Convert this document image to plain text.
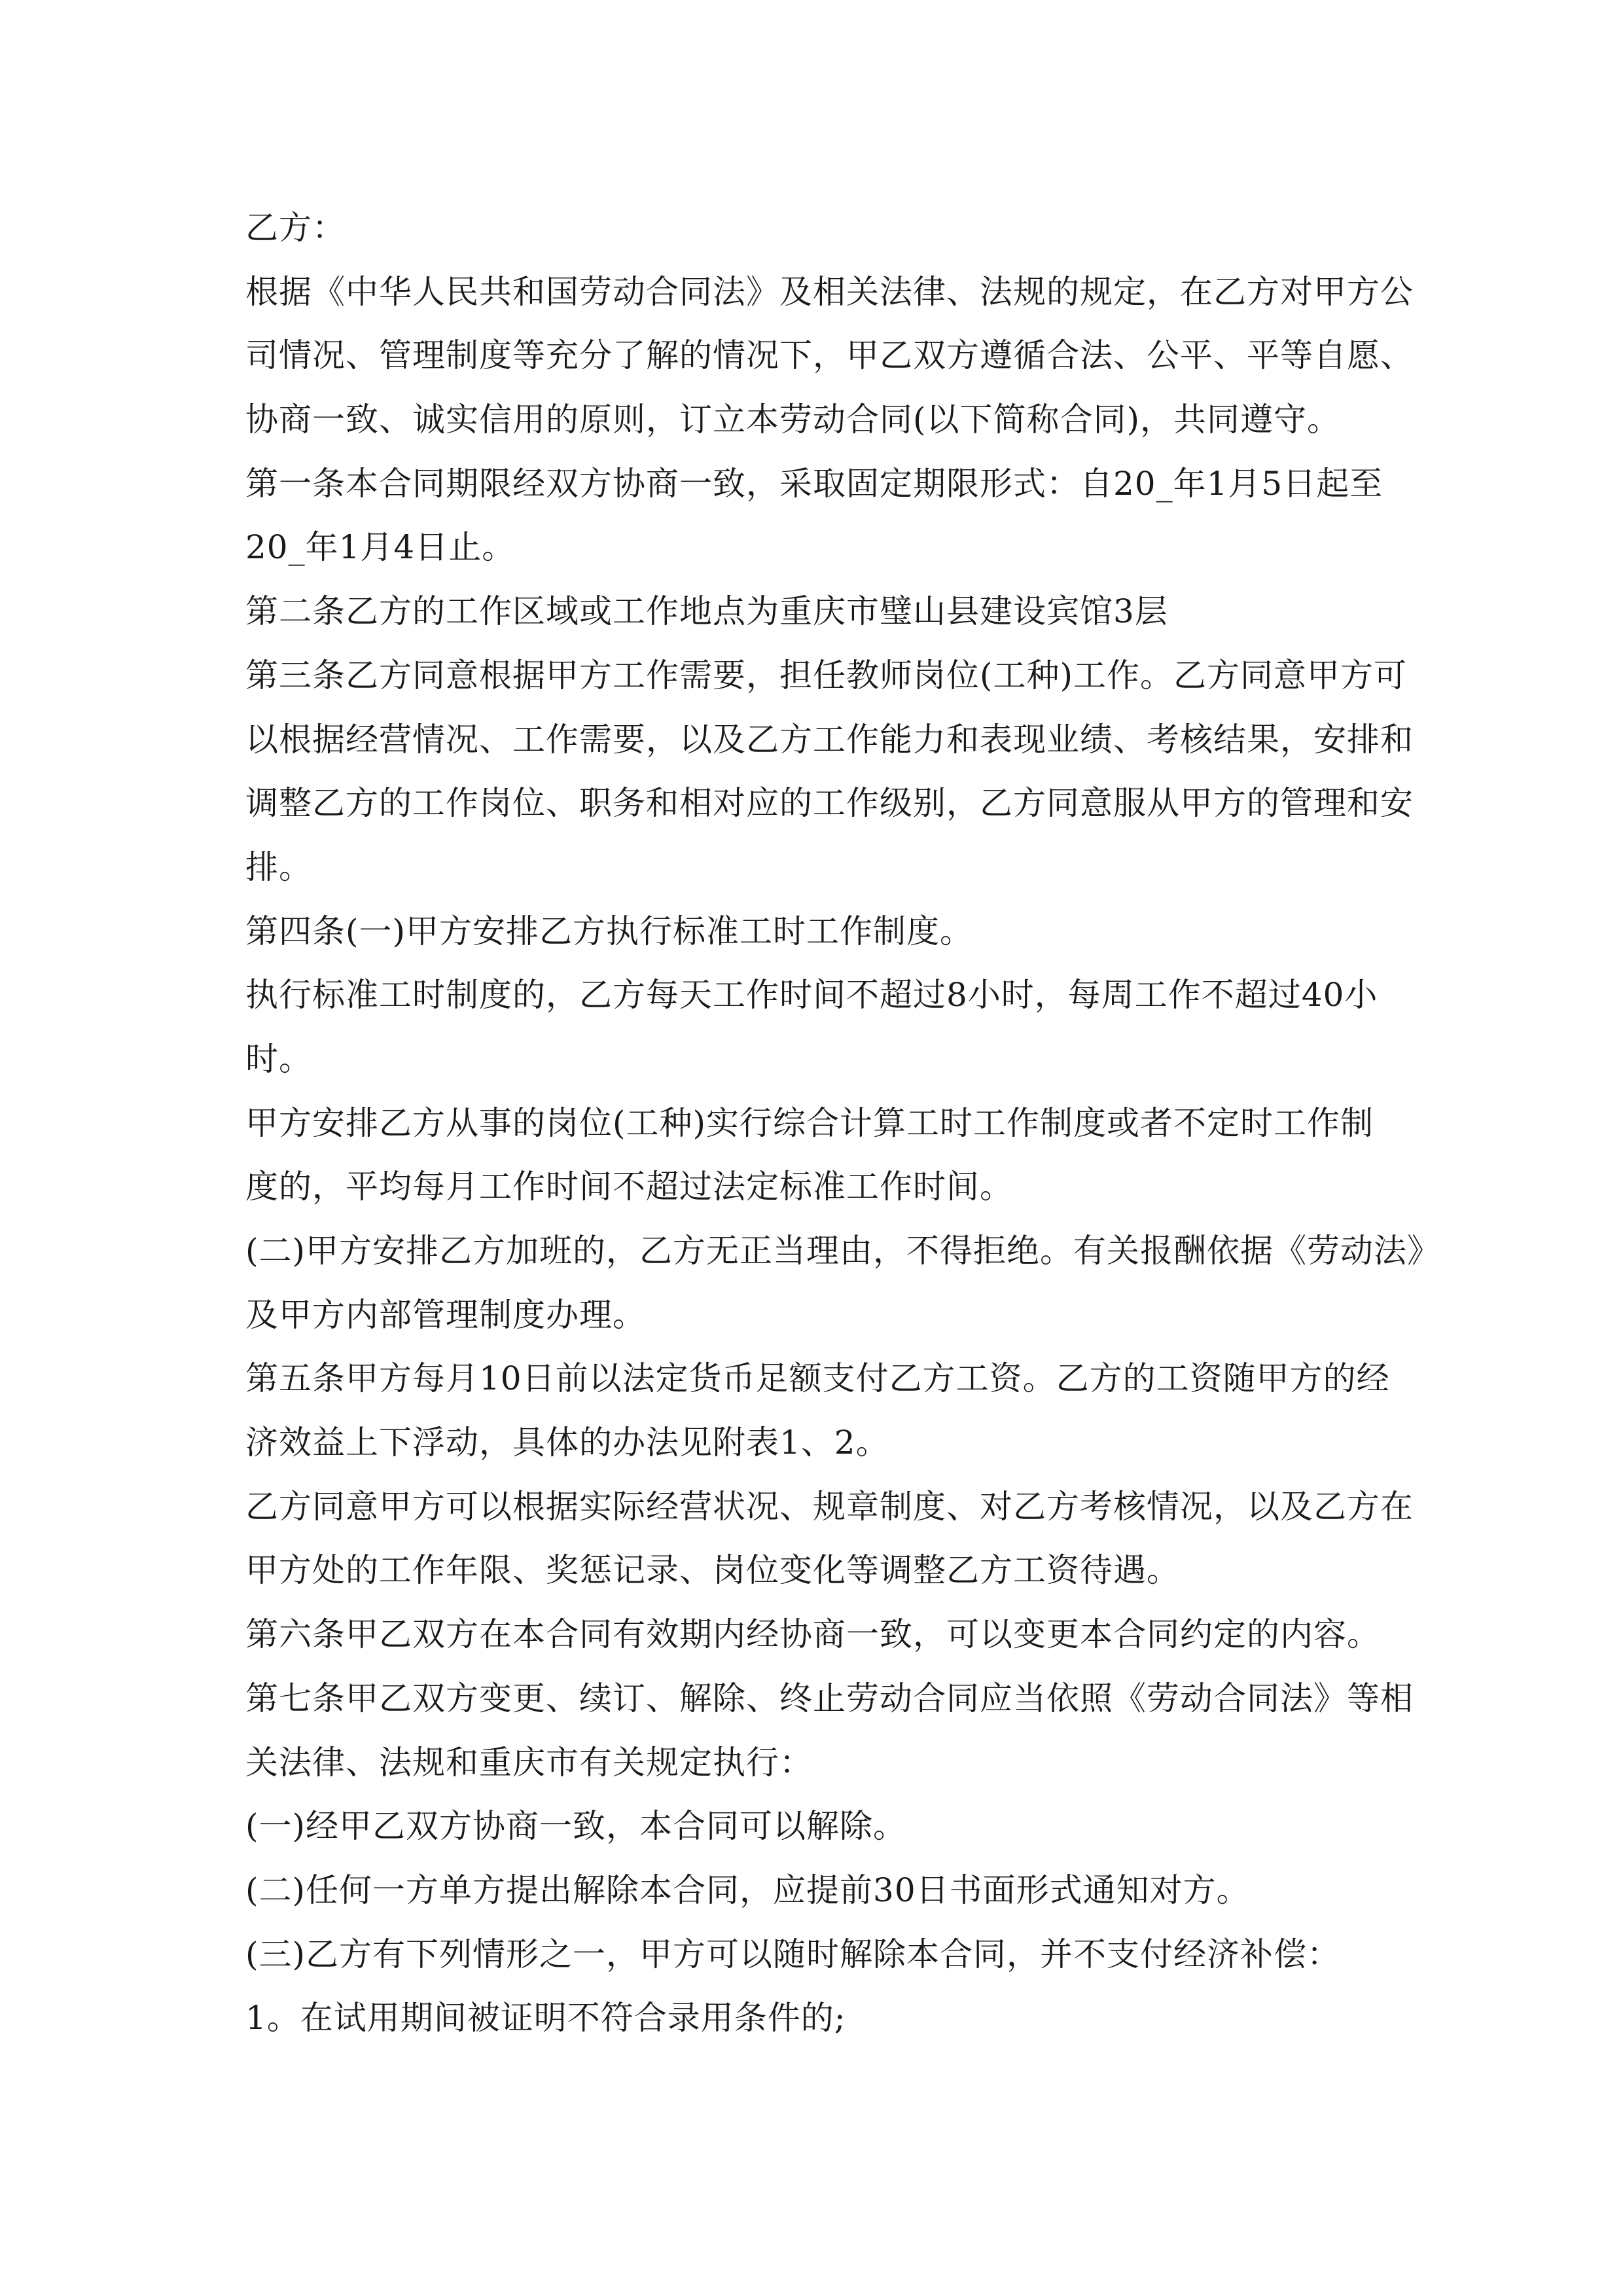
乙方：

根据《中华人民共和国劳动合同法》及相关法律、法规的规定，在乙方对甲方公

司情况、管理制度等充分了解的情况下，甲乙双方遵循合法、公平、平等自愿、

协商一致、诚实信用的原则，订立本劳动合同(以下简称合同)，共同遵守。

第一条本合同期限经双方协商一致，采取固定期限形式：自20_年1月5日起至

20_年1月4日止。

第二条乙方的工作区域或工作地点为重庆市璧山县建设宾馆3层

第三条乙方同意根据甲方工作需要，担任教师岗位(工种)工作。乙方同意甲方可

以根据经营情况、工作需要，以及乙方工作能力和表现业绩、考核结果，安排和

调整乙方的工作岗位、职务和相对应的工作级别，乙方同意服从甲方的管理和安

排。

第四条(一)甲方安排乙方执行标准工时工作制度。

执行标准工时制度的，乙方每天工作时间不超过8小时，每周工作不超过40小

时。

甲方安排乙方从事的岗位(工种)实行综合计算工时工作制度或者不定时工作制

度的，平均每月工作时间不超过法定标准工作时间。

(二)甲方安排乙方加班的，乙方无正当理由，不得拒绝。有关报酬依据《劳动法》

及甲方内部管理制度办理。

第五条甲方每月10日前以法定货币足额支付乙方工资。乙方的工资随甲方的经

济效益上下浮动，具体的办法见附表1、2。

乙方同意甲方可以根据实际经营状况、规章制度、对乙方考核情况，以及乙方在

甲方处的工作年限、奖惩记录、岗位变化等调整乙方工资待遇。

第六条甲乙双方在本合同有效期内经协商一致，可以变更本合同约定的内容。

第七条甲乙双方变更、续订、解除、终止劳动合同应当依照《劳动合同法》等相

关法律、法规和重庆市有关规定执行：

(一)经甲乙双方协商一致，本合同可以解除。

(二)任何一方单方提出解除本合同，应提前30日书面形式通知对方。

(三)乙方有下列情形之一，甲方可以随时解除本合同，并不支付经济补偿：

1。在试用期间被证明不符合录用条件的;
